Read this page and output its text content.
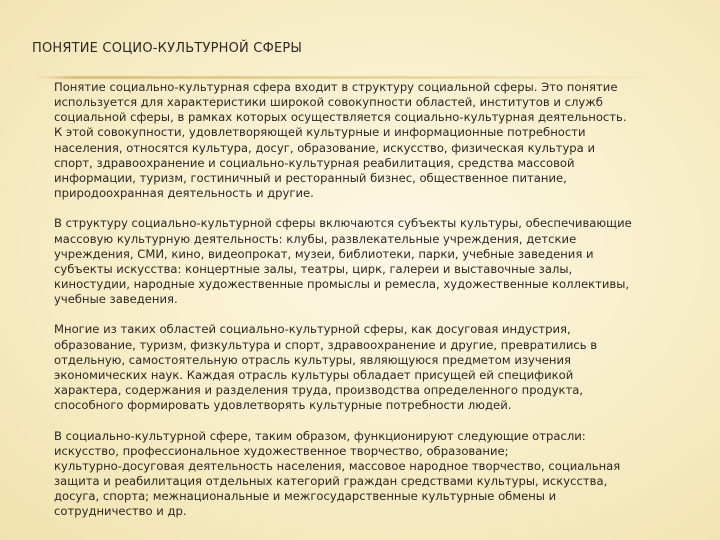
ПОНЯТИЕ СОЦИО-КУЛЬТУРНОЙ СФЕРЫ
Понятие социально-культурная сфера входит в структуру социальной сферы. Это понятие
используется для характеристики широкой совокупности областей, институтов и служб
социальной сферы, в рамках которых осуществляется социально-культурная деятельность.
К этой совокупности, удовлетворяющей культурные и информационные потребности
населения, относятся культура, досуг, образование, искусство, физическая культура и
спорт, здравоохранение и социально-культурная реабилитация, средства массовой
информации, туризм, гостиничный и ресторанный бизнес, общественное питание,
природоохранная деятельность и другие.
В структуру социально-культурной сферы включаются субъекты культуры, обеспечивающие
массовую культурную деятельность: клубы, развлекательные учреждения, детские
учреждения, СМИ, кино, видеопрокат, музеи, библиотеки, парки, учебные заведения и
субъекты искусства: концертные залы, театры, цирк, галереи и выставочные залы,
киностудии, народные художественные промыслы и ремесла, художественные коллективы,
учебные заведения.
Многие из таких областей социально-культурной сферы, как досуговая индустрия,
образование, туризм, физкультура и спорт, здравоохранение и другие, превратились в
отдельную, самостоятельную отрасль культуры, являющуюся предметом изучения
экономических наук. Каждая отрасль культуры обладает присущей ей спецификой
характера, содержания и разделения труда, производства определенного продукта,
способного формировать удовлетворять культурные потребности людей.
В социально-культурной сфере, таким образом, функционируют следующие отрасли:
искусство, профессиональное художественное творчество, образование;
культурно-досуговая деятельность населения, массовое народное творчество, социальная
защита и реабилитация отдельных категорий граждан средствами культуры, искусства,
досуга, спорта; межнациональные и межгосударственные культурные обмены и
сотрудничество и др.
